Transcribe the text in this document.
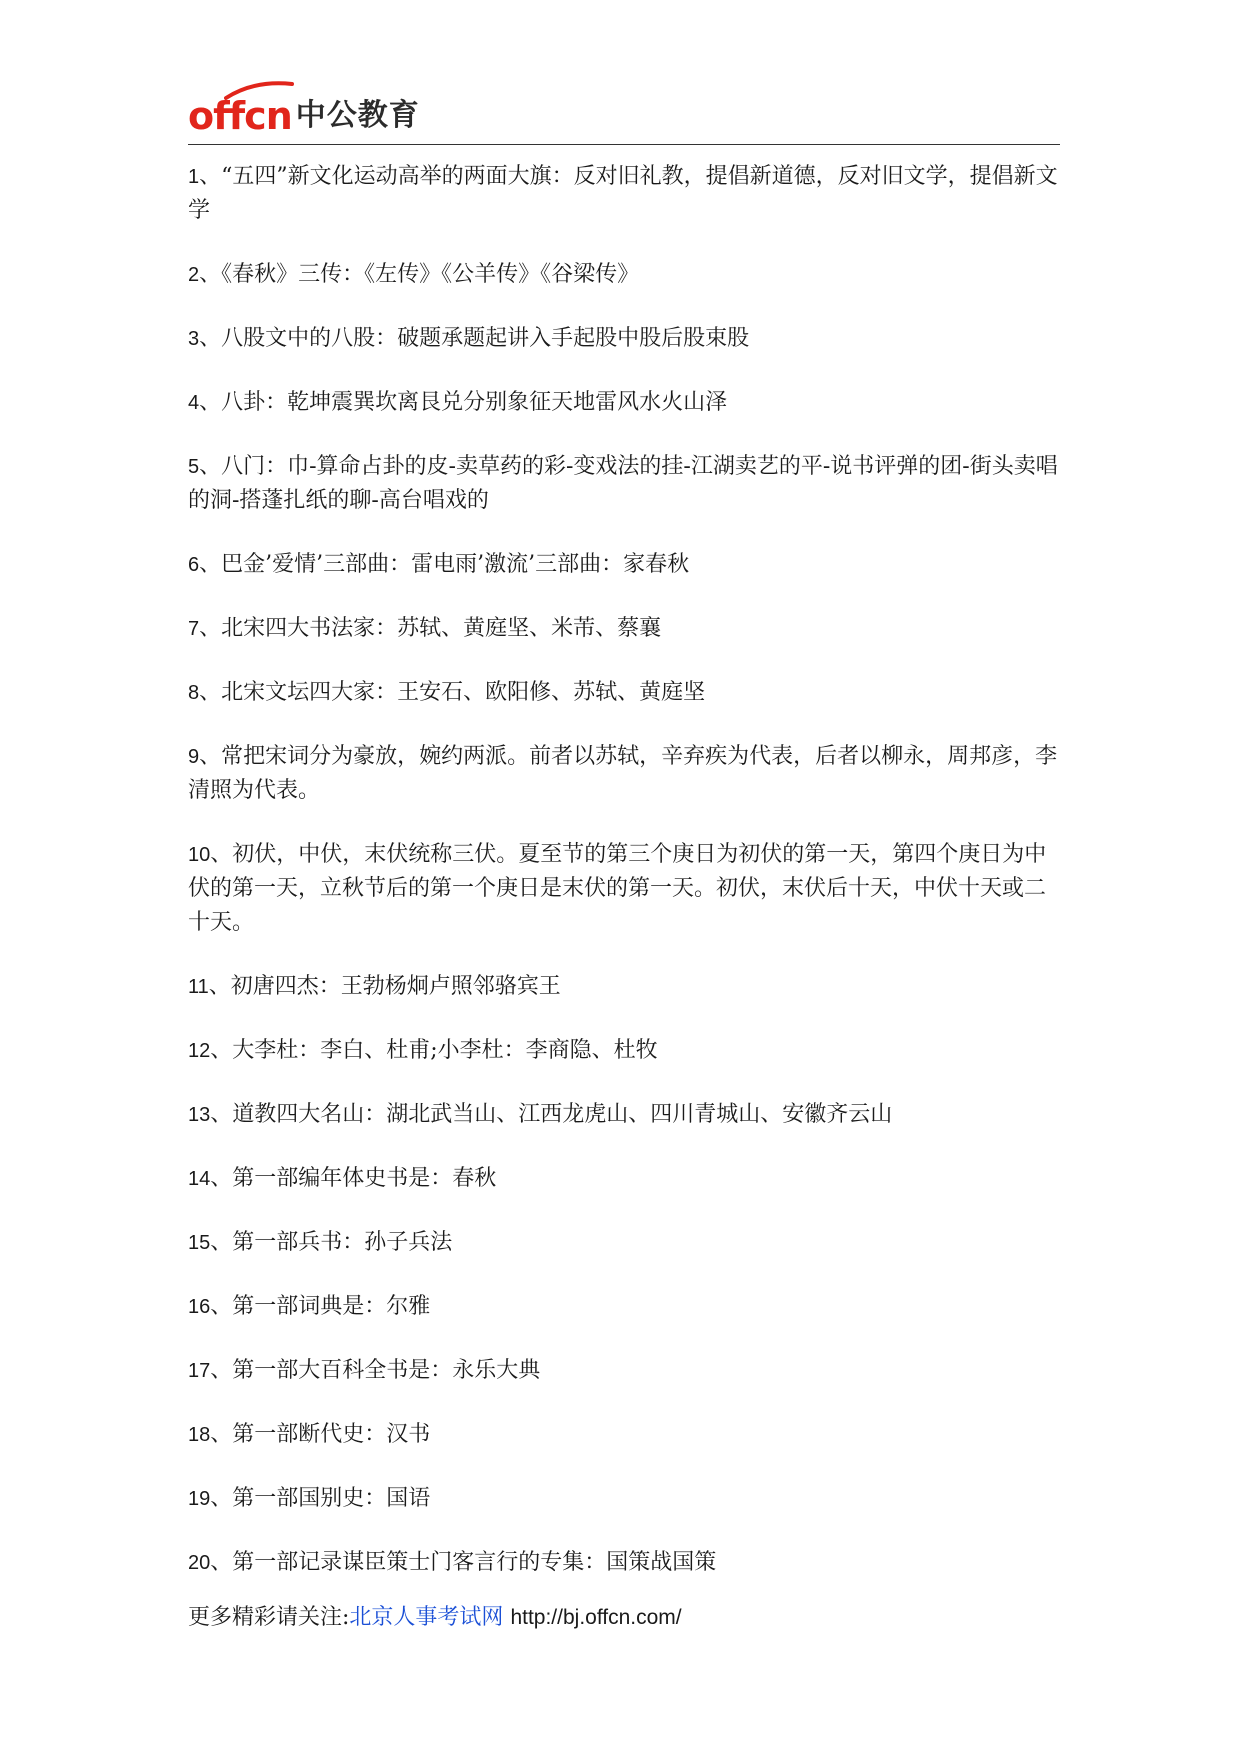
offcn 中公教育

1、“五四”新文化运动高举的两面大旗：反对旧礼教，提倡新道德，反对旧文学，提倡新文学

2、《春秋》三传：《左传》《公羊传》《谷梁传》

3、八股文中的八股：破题承题起讲入手起股中股后股束股

4、八卦：乾坤震巽坎离艮兑分别象征天地雷风水火山泽

5、八门：巾-算命占卦的皮-卖草药的彩-变戏法的挂-江湖卖艺的平-说书评弹的团-街头卖唱的洞-搭蓬扎纸的聊-高台唱戏的

6、巴金’爱情’三部曲：雷电雨’激流’三部曲：家春秋

7、北宋四大书法家：苏轼、黄庭坚、米芾、蔡襄

8、北宋文坛四大家：王安石、欧阳修、苏轼、黄庭坚

9、常把宋词分为豪放，婉约两派。前者以苏轼，辛弃疾为代表，后者以柳永，周邦彦，李清照为代表。

10、初伏，中伏，末伏统称三伏。夏至节的第三个庚日为初伏的第一天，第四个庚日为中伏的第一天，立秋节后的第一个庚日是末伏的第一天。初伏，末伏后十天，中伏十天或二十天。

11、初唐四杰：王勃杨炯卢照邻骆宾王

12、大李杜：李白、杜甫;小李杜：李商隐、杜牧

13、道教四大名山：湖北武当山、江西龙虎山、四川青城山、安徽齐云山

14、第一部编年体史书是：春秋

15、第一部兵书：孙子兵法

16、第一部词典是：尔雅

17、第一部大百科全书是：永乐大典

18、第一部断代史：汉书

19、第一部国别史：国语

20、第一部记录谋臣策士门客言行的专集：国策战国策

更多精彩请关注:北京人事考试网 http://bj.offcn.com/
